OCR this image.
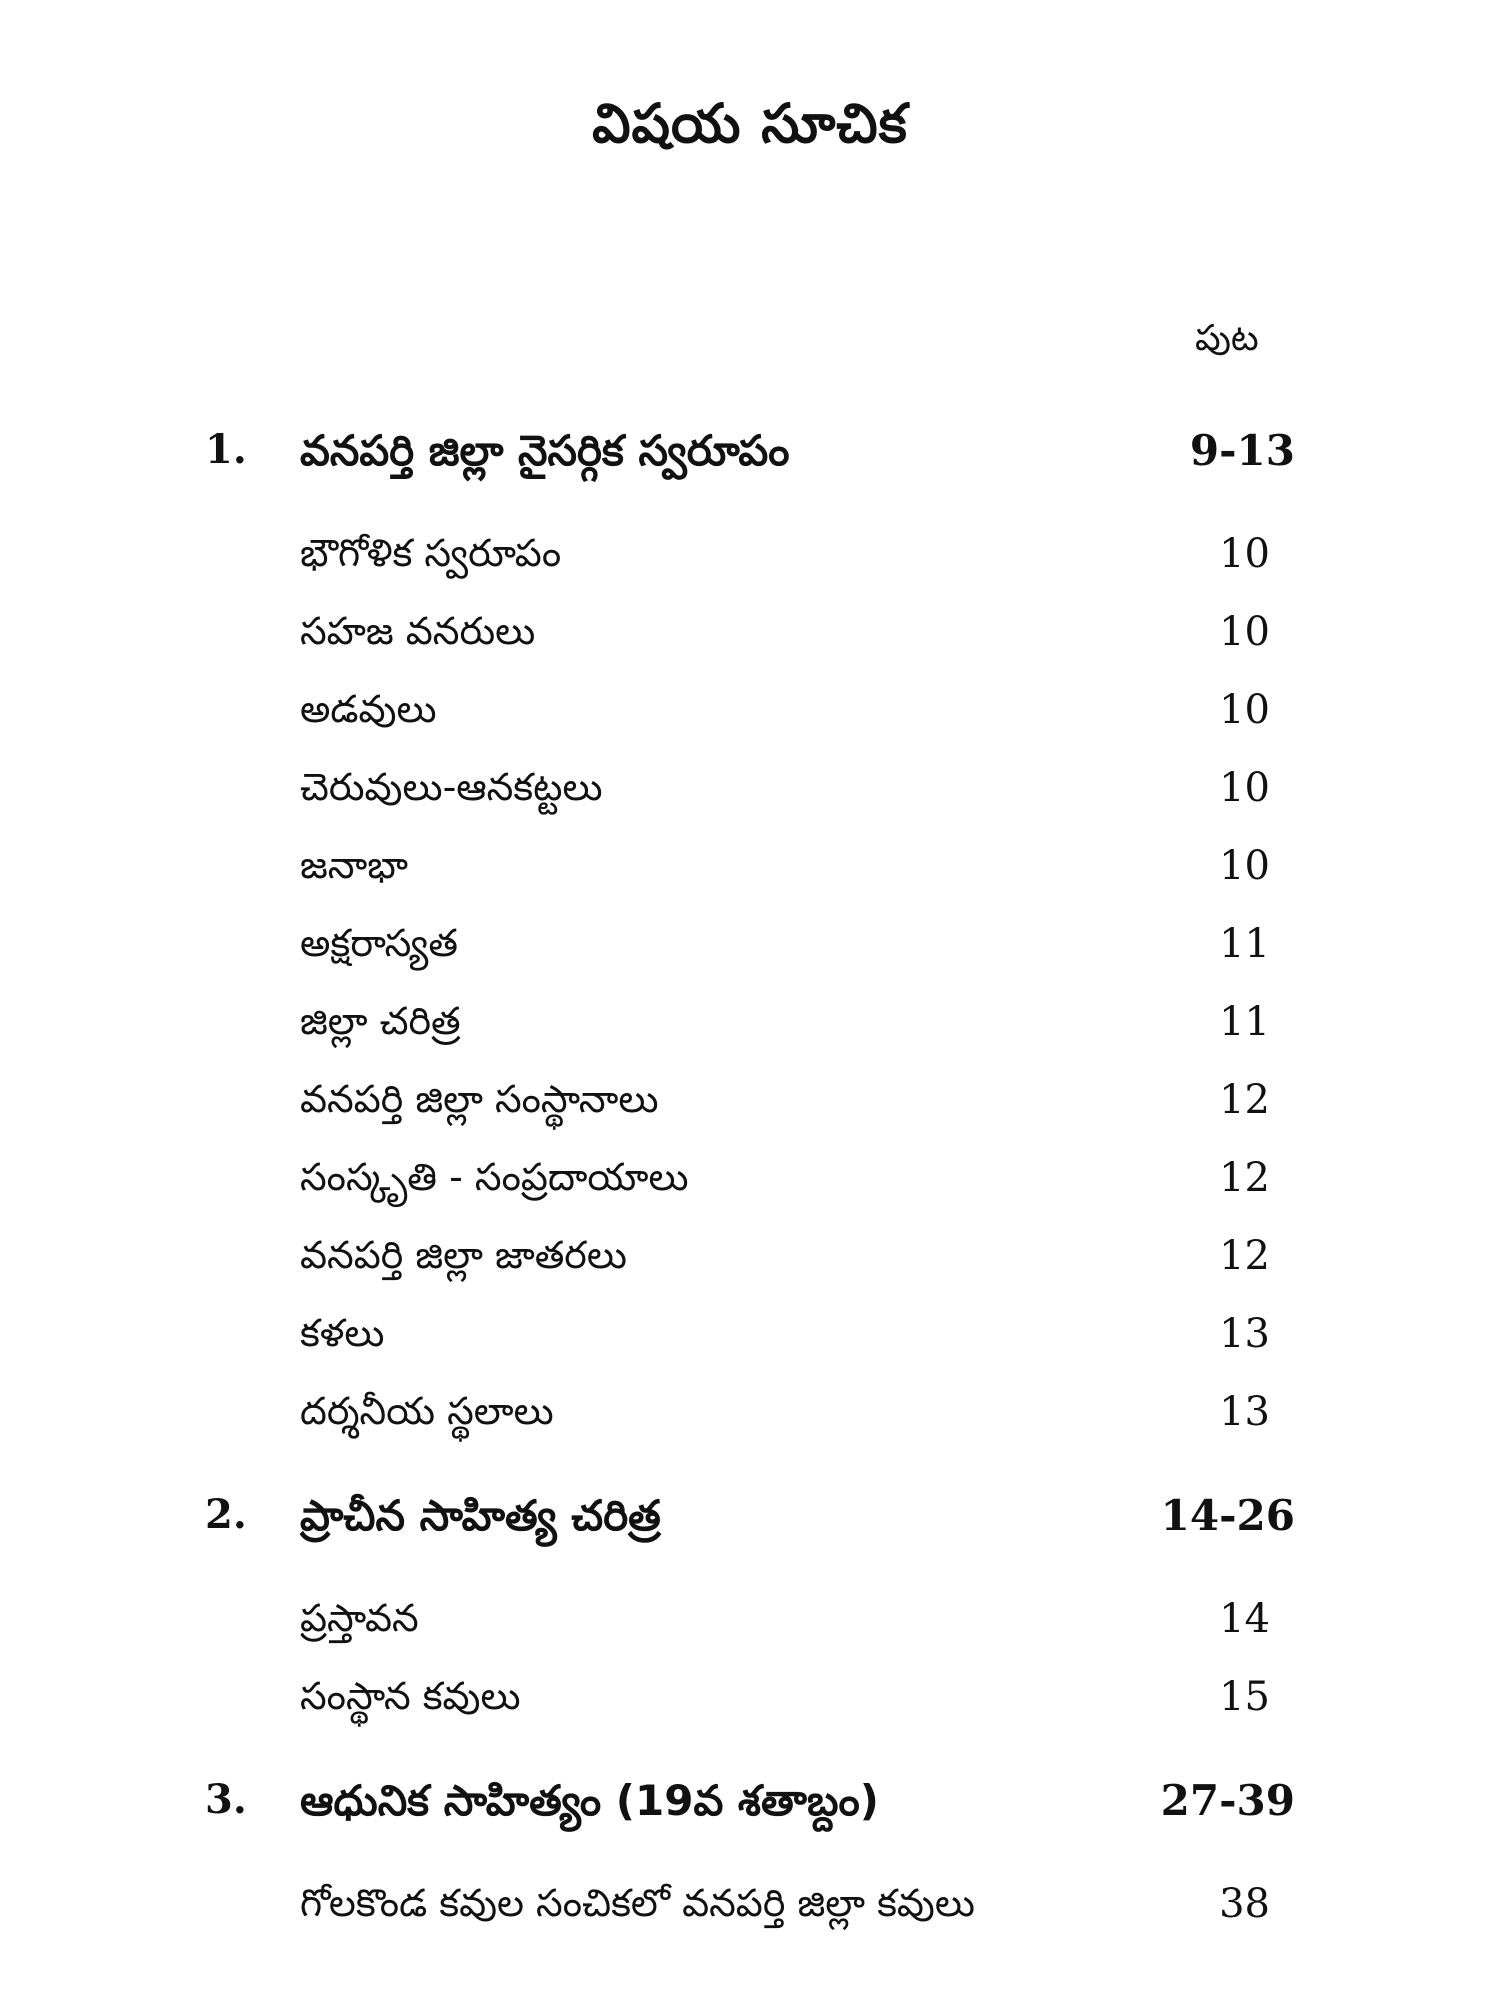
విషయ సూచిక
పుట
1. వనపర్తి జిల్లా నైసర్గిక స్వరూపం	9-13
భౌగోళిక స్వరూపం	10
సహజ వనరులు	10
అడవులు	10
చెరువులు-ఆనకట్టలు	10
జనాభా	10
అక్షరాస్యత	11
జిల్లా చరిత్ర	11
వనపర్తి జిల్లా సంస్థానాలు	12
సంస్కృతి - సంప్రదాయాలు	12
వనపర్తి జిల్లా జాతరలు	12
కళలు	13
దర్శనీయ స్థలాలు	13
2. ప్రాచీన సాహిత్య చరిత్ర	14-26
ప్రస్తావన	14
సంస్థాన కవులు	15
3. ఆధునిక సాహిత్యం (19వ శతాబ్దం)	27-39
గోలకొండ కవుల సంచికలో వనపర్తి జిల్లా కవులు	38
